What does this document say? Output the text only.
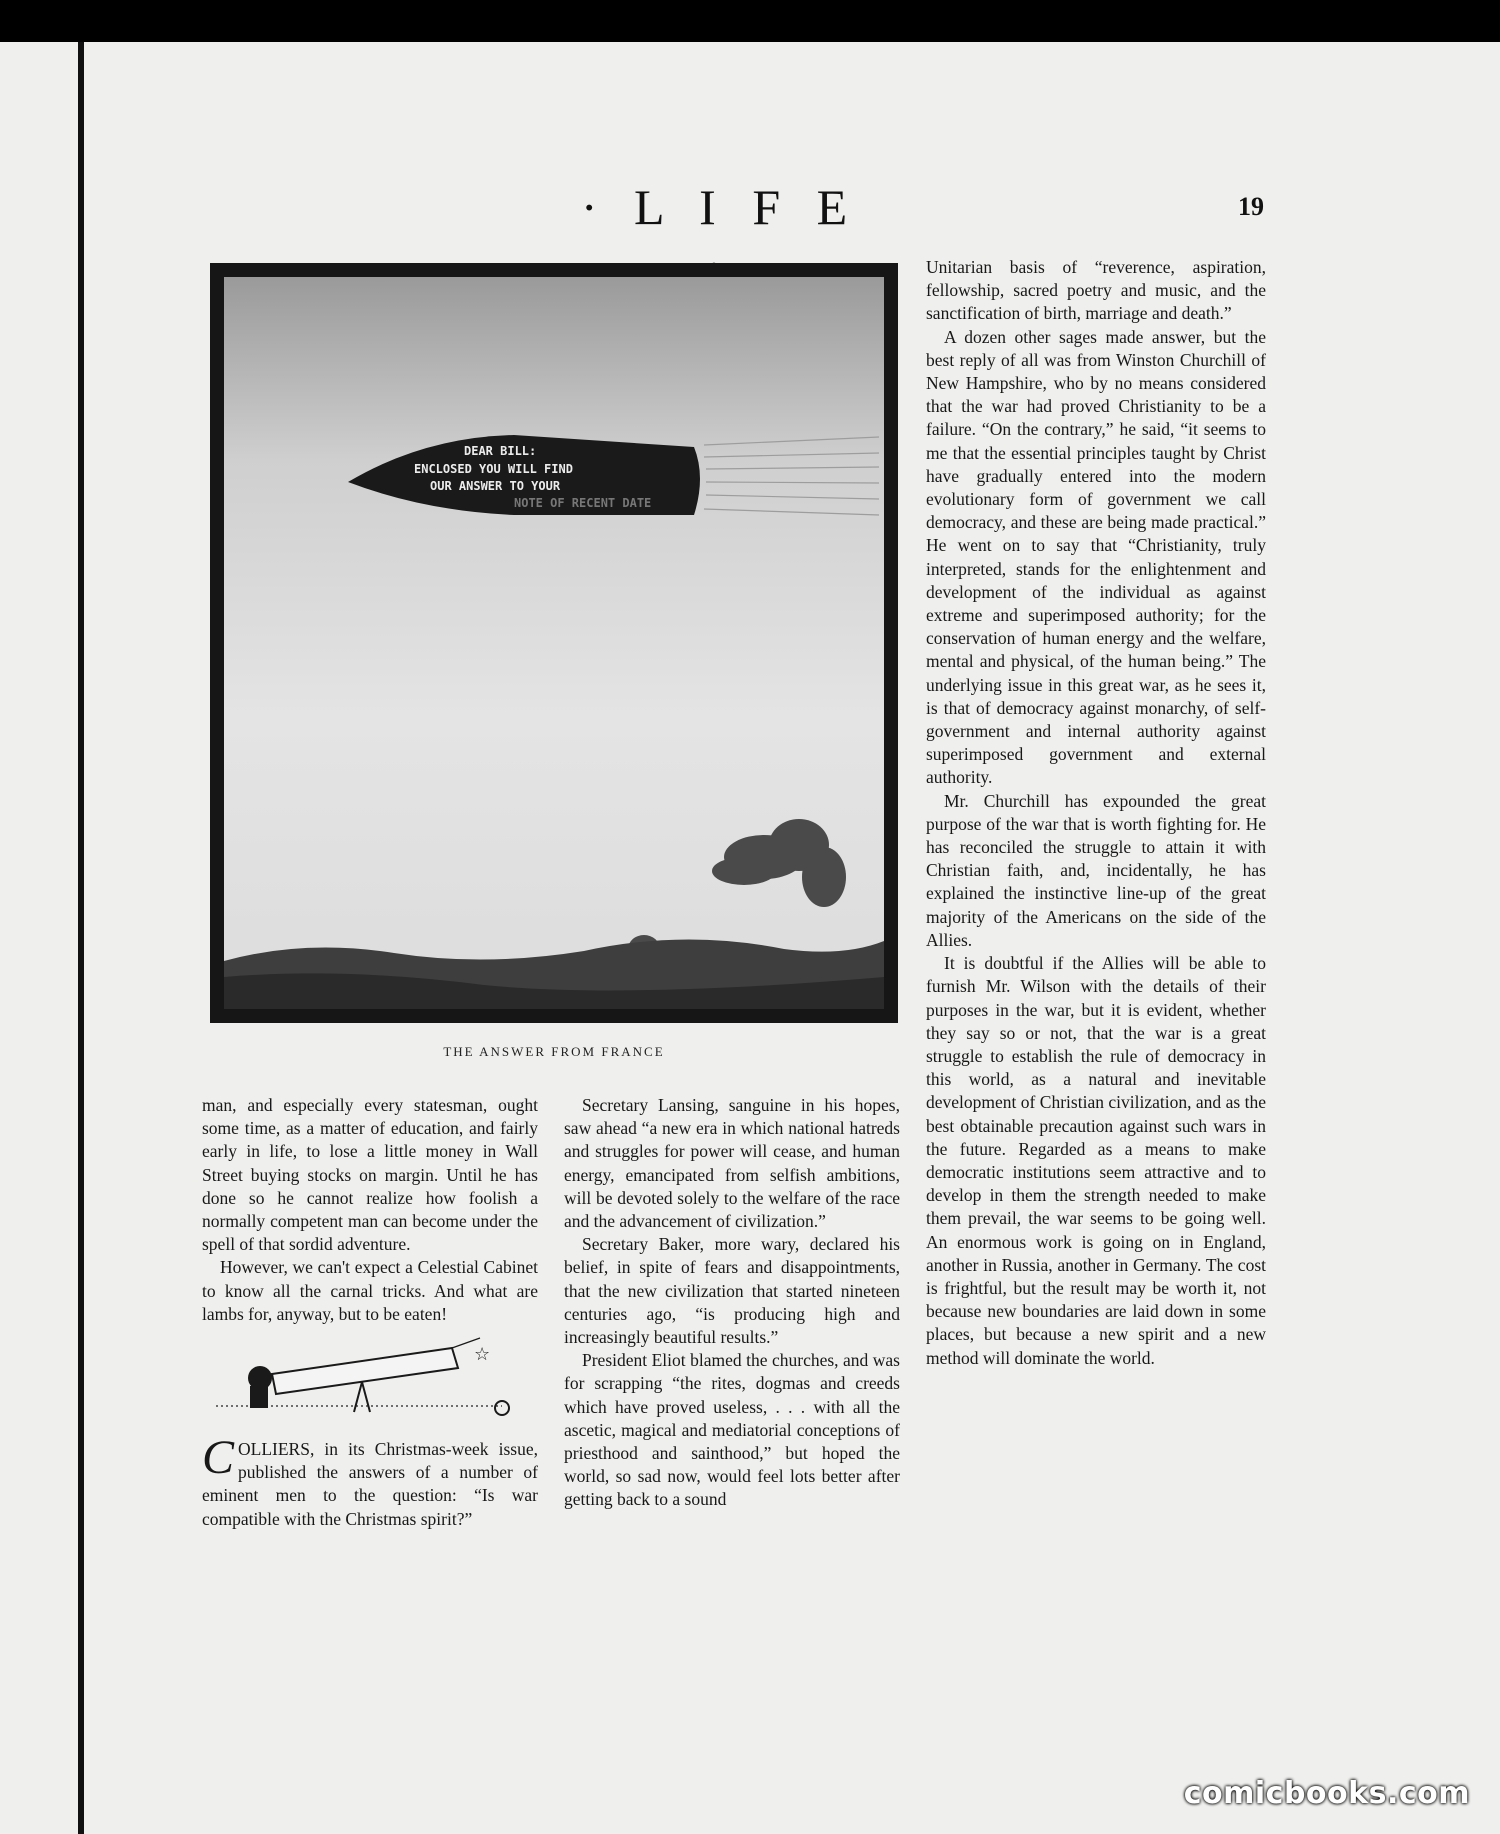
· L I F E	19
DEAR BILL:
ENCLOSED YOU WILL FIND
OUR ANSWER TO YOUR
NOTE OF RECENT DATE
THE ANSWER FROM FRANCE

man, and especially every statesman, ought some time, as a matter of education, and fairly early in life, to lose a little money in Wall Street buying stocks on margin. Until he has done so he cannot realize how foolish a normally competent man can become under the spell of that sordid adventure.

However, we can't expect a Celestial Cabinet to know all the carnal tricks. And what are lambs for, anyway, but to be eaten!

☆

COLLIERS, in its Christmas-week issue, published the answers of a number of eminent men to the question: “Is war compatible with the Christmas spirit?”

Secretary Lansing, sanguine in his hopes, saw ahead “a new era in which national hatreds and struggles for power will cease, and human energy, emancipated from selfish ambitions, will be devoted solely to the welfare of the race and the advancement of civilization.”

Secretary Baker, more wary, declared his belief, in spite of fears and disappointments, that the new civilization that started nineteen centuries ago, “is producing high and increasingly beautiful results.”

President Eliot blamed the churches, and was for scrapping “the rites, dogmas and creeds which have proved useless, . . . with all the ascetic, magical and mediatorial conceptions of priesthood and sainthood,” but hoped the world, so sad now, would feel lots better after getting back to a sound

Unitarian basis of “reverence, aspiration, fellowship, sacred poetry and music, and the sanctification of birth, marriage and death.”

A dozen other sages made answer, but the best reply of all was from Winston Churchill of New Hampshire, who by no means considered that the war had proved Christianity to be a failure. “On the contrary,” he said, “it seems to me that the essential principles taught by Christ have gradually entered into the modern evolutionary form of government we call democracy, and these are being made practical.” He went on to say that “Christianity, truly interpreted, stands for the enlightenment and development of the individual as against extreme and superimposed authority; for the conservation of human energy and the welfare, mental and physical, of the human being.” The underlying issue in this great war, as he sees it, is that of democracy against monarchy, of self-government and internal authority against superimposed government and external authority.

Mr. Churchill has expounded the great purpose of the war that is worth fighting for. He has reconciled the struggle to attain it with Christian faith, and, incidentally, he has explained the instinctive line-up of the great majority of the Americans on the side of the Allies.

It is doubtful if the Allies will be able to furnish Mr. Wilson with the details of their purposes in the war, but it is evident, whether they say so or not, that the war is a great struggle to establish the rule of democracy in this world, as a natural and inevitable development of Christian civilization, and as the best obtainable precaution against such wars in the future. Regarded as a means to make democratic institutions seem attractive and to develop in them the strength needed to make them prevail, the war seems to be going well. An enormous work is going on in England, another in Russia, another in Germany. The cost is frightful, but the result may be worth it, not because new boundaries are laid down in some places, but because a new spirit and a new method will dominate the world.

comicbooks.com
